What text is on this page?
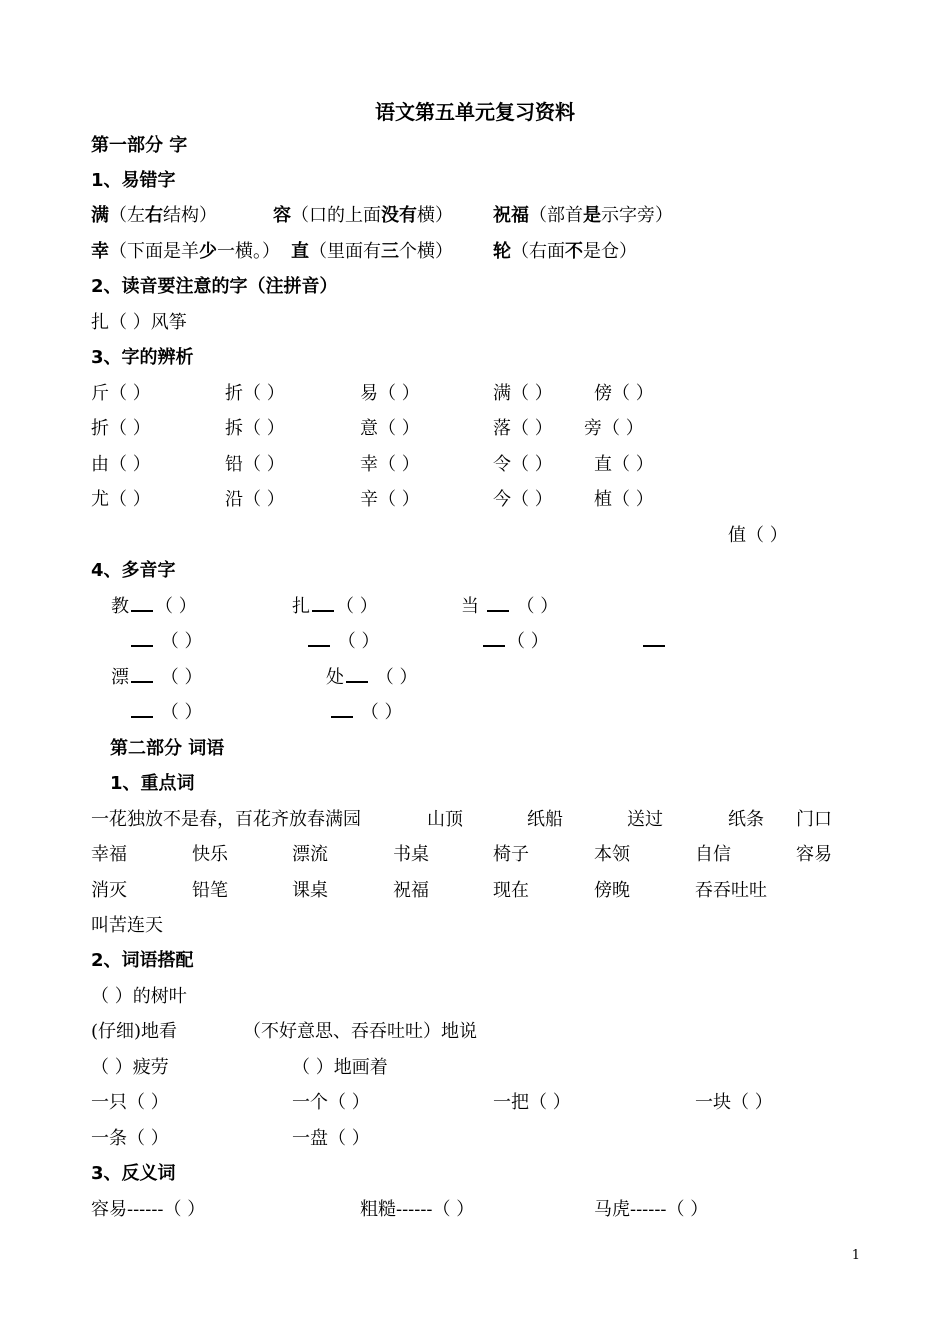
语文第五单元复习资料
第一部分 字
1、易错字
满（左右结构）	容（口的上面没有横） 祝福（部首是示字旁）
幸（下面是羊少一横。） 直（里面有三个横） 轮（右面不是仓）
2、读音要注意的字（注拼音）
扎（ ）风筝
3、字的辨析
斤（ ）	折（ ）	易（ ）	满（ ） 傍（ ）
折（ ）	拆（ ）	意（ ）	落（ ） 旁（ ）
由（ ）	铅（ ）	幸（ ）	令（ ） 直（ ）
尤（ ）	沿（ ）	辛（ ）	今（ ） 植（ ）
值（ ）
4、多音字
教 （ ）	扎 （ ）	当 （ ）
（ ）	（ ）	（ ）
漂 （ ）	处 （ ）
（ ）	（ ）
第二部分 词语
1、重点词
一花独放不是春，百花齐放春满园	山顶	纸船	送过	纸条 门口
幸福	快乐	漂流	书桌	椅子	本领	自信	容易
消灭	铅笔	课桌	祝福	现在	傍晚	吞吞吐吐
叫苦连天
2、词语搭配
（ ）的树叶
(仔细)地看	（不好意思、吞吞吐吐）地说
（ ）疲劳	（ ）地画着
一只（ ）	一个（ ）	一把（ ）	一块（ ）
一条（ ）	一盘（ ）
3、反义词
容易------（ ）	粗糙------（ ）	马虎------（ ）
1
